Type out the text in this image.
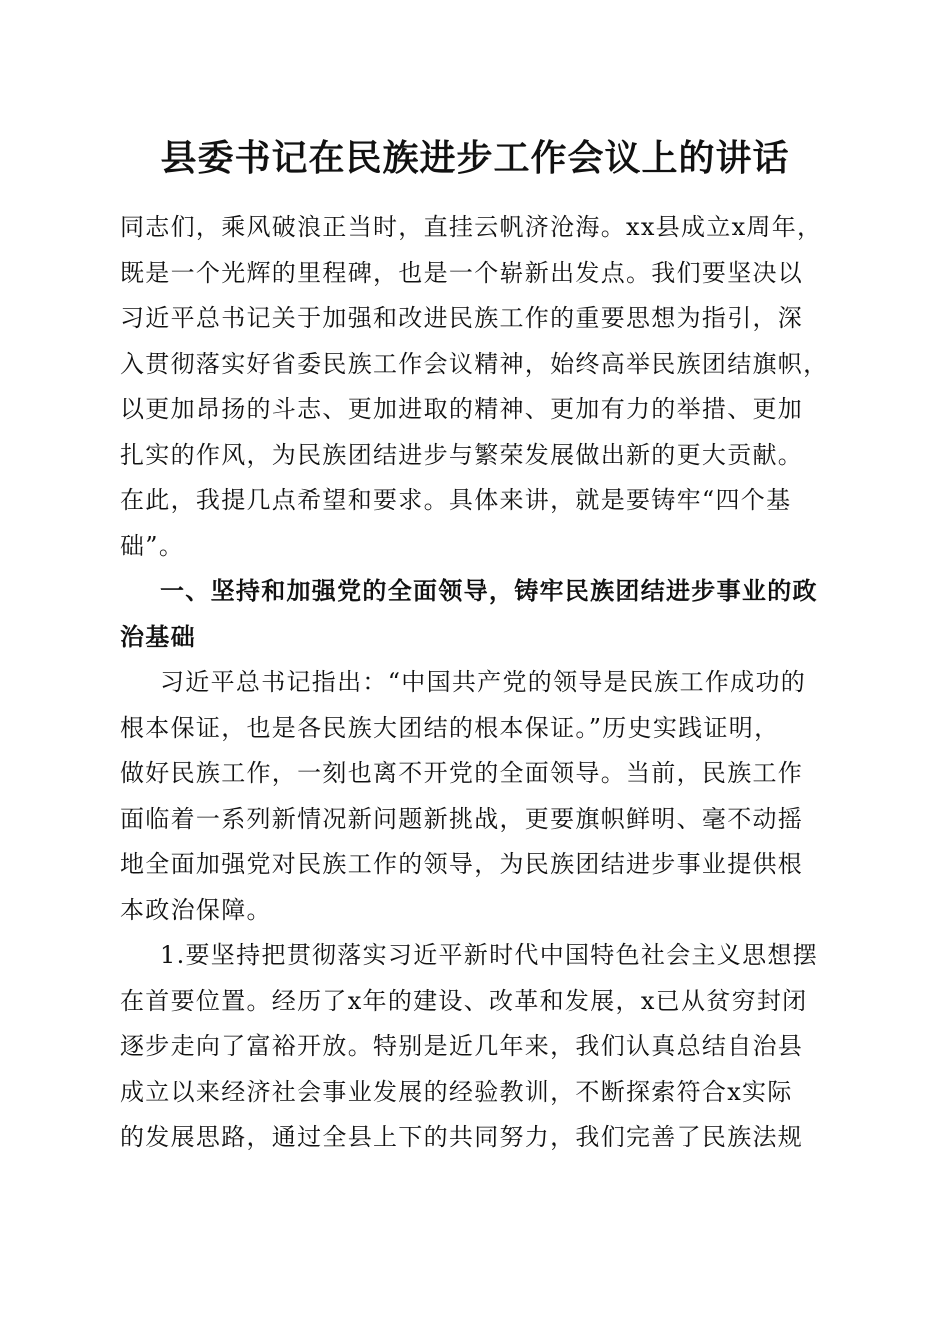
县委书记在民族进步工作会议上的讲话
同志们，乘风破浪正当时，直挂云帆济沧海。xx县成立x周年，
既是一个光辉的里程碑，也是一个崭新出发点。我们要坚决以
习近平总书记关于加强和改进民族工作的重要思想为指引，深
入贯彻落实好省委民族工作会议精神，始终高举民族团结旗帜，
以更加昂扬的斗志、更加进取的精神、更加有力的举措、更加
扎实的作风，为民族团结进步与繁荣发展做出新的更大贡献。
在此，我提几点希望和要求。具体来讲，就是要铸牢“四个基
础”。
一、坚持和加强党的全面领导，铸牢民族团结进步事业的政
治基础
习近平总书记指出：“中国共产党的领导是民族工作成功的
根本保证，也是各民族大团结的根本保证。”历史实践证明，
做好民族工作，一刻也离不开党的全面领导。当前，民族工作
面临着一系列新情况新问题新挑战，更要旗帜鲜明、毫不动摇
地全面加强党对民族工作的领导，为民族团结进步事业提供根
本政治保障。
1.要坚持把贯彻落实习近平新时代中国特色社会主义思想摆
在首要位置。经历了x年的建设、改革和发展，x已从贫穷封闭
逐步走向了富裕开放。特别是近几年来，我们认真总结自治县
成立以来经济社会事业发展的经验教训，不断探索符合x实际
的发展思路，通过全县上下的共同努力，我们完善了民族法规
